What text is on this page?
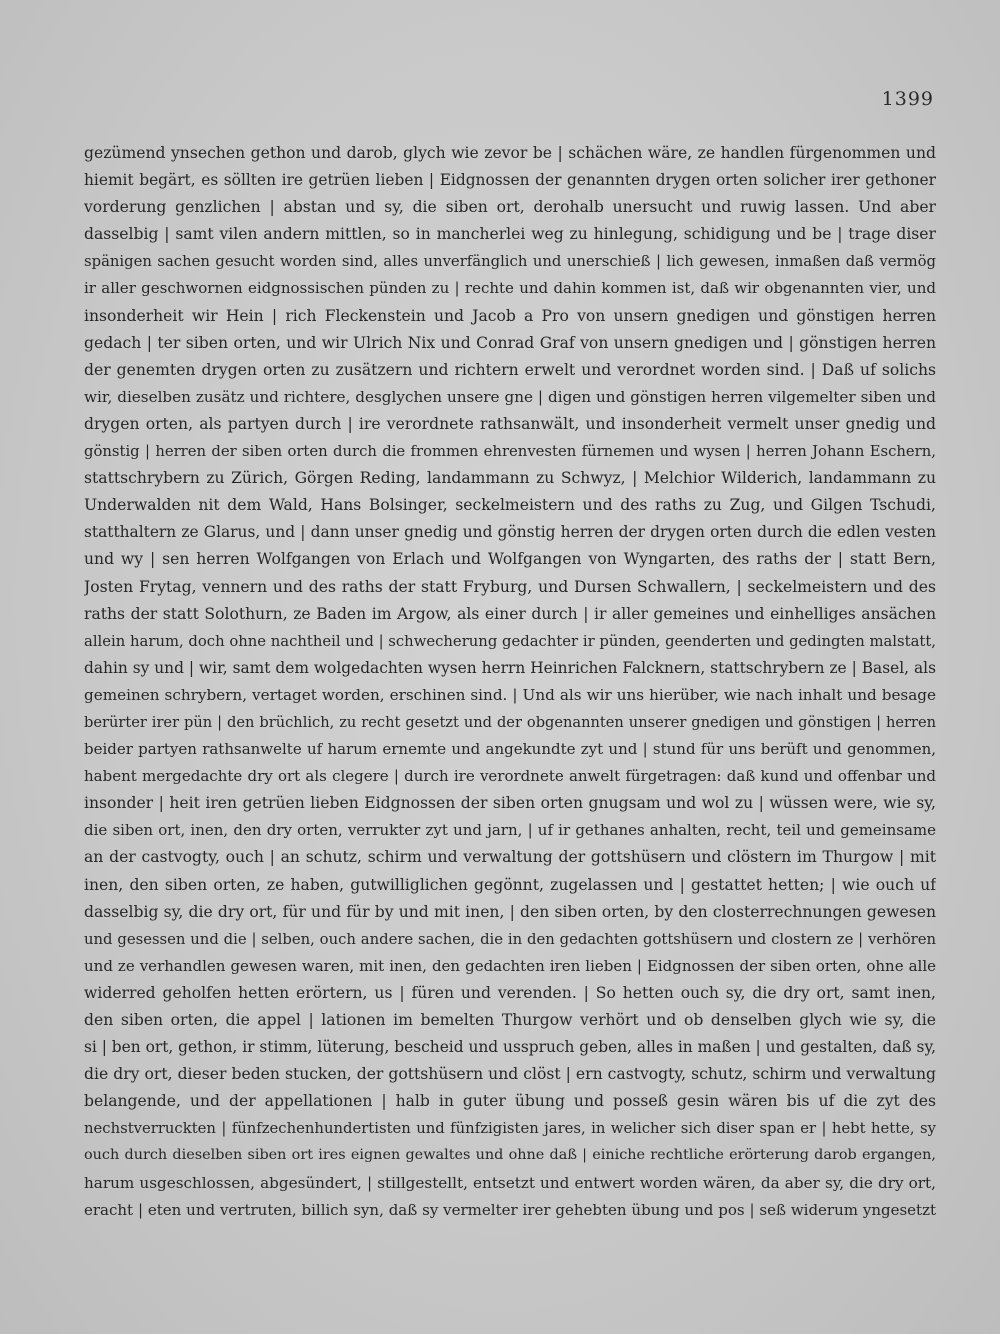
1399
gezümend ynsechen gethon und darob, glych wie zevor be | schächen wäre, ze handlen fürgenommen und
hiemit begärt, es söllten ire getrüen lieben | Eidgnossen der genannten drygen orten solicher irer gethoner
vorderung genzlichen | abstan und sy, die siben ort, derohalb unersucht und ruwig lassen. Und aber
dasselbig | samt vilen andern mittlen, so in mancherlei weg zu hinlegung, schidigung und be | trage diser
spänigen sachen gesucht worden sind, alles unverfänglich und unerschieß | lich gewesen, inmaßen daß vermög
ir aller geschwornen eidgnossischen pünden zu | rechte und dahin kommen ist, daß wir obgenannten vier, und
insonderheit wir Hein | rich Fleckenstein und Jacob a Pro von unsern gnedigen und gönstigen herren
gedach | ter siben orten, und wir Ulrich Nix und Conrad Graf von unsern gnedigen und | gönstigen herren
der genemten drygen orten zu zusätzern und richtern erwelt und verordnet worden sind. | Daß uf solichs
wir, dieselben zusätz und richtere, desglychen unsere gne | digen und gönstigen herren vilgemelter siben und
drygen orten, als partyen durch | ire verordnete rathsanwält, und insonderheit vermelt unser gnedig und
gönstig | herren der siben orten durch die frommen ehrenvesten fürnemen und wysen | herren Johann Eschern,
stattschrybern zu Zürich, Görgen Reding, landammann zu Schwyz, | Melchior Wilderich, landammann zu
Underwalden nit dem Wald, Hans Bolsinger, seckelmeistern und des raths zu Zug, und Gilgen Tschudi,
statthaltern ze Glarus, und | dann unser gnedig und gönstig herren der drygen orten durch die edlen vesten
und wy | sen herren Wolfgangen von Erlach und Wolfgangen von Wyngarten, des raths der | statt Bern,
Josten Frytag, vennern und des raths der statt Fryburg, und Dursen Schwallern, | seckelmeistern und des
raths der statt Solothurn, ze Baden im Argow, als einer durch | ir aller gemeines und einhelliges ansächen
allein harum, doch ohne nachtheil und | schwecherung gedachter ir pünden, geenderten und gedingten malstatt,
dahin sy und | wir, samt dem wolgedachten wysen herrn Heinrichen Falcknern, stattschrybern ze | Basel, als
gemeinen schrybern, vertaget worden, erschinen sind. | Und als wir uns hierüber, wie nach inhalt und besage
berürter irer pün | den brüchlich, zu recht gesetzt und der obgenannten unserer gnedigen und gönstigen | herren
beider partyen rathsanwelte uf harum ernemte und angekundte zyt und | stund für uns berüft und genommen,
habent mergedachte dry ort als clegere | durch ire verordnete anwelt fürgetragen: daß kund und offenbar und
insonder | heit iren getrüen lieben Eidgnossen der siben orten gnugsam und wol zu | wüssen were, wie sy,
die siben ort, inen, den dry orten, verrukter zyt und jarn, | uf ir gethanes anhalten, recht, teil und gemeinsame
an der castvogty, ouch | an schutz, schirm und verwaltung der gottshüsern und clöstern im Thurgow | mit
inen, den siben orten, ze haben, gutwilliglichen gegönnt, zugelassen und | gestattet hetten; | wie ouch uf
dasselbig sy, die dry ort, für und für by und mit inen, | den siben orten, by den closterrechnungen gewesen
und gesessen und die | selben, ouch andere sachen, die in den gedachten gottshüsern und clostern ze | verhören
und ze verhandlen gewesen waren, mit inen, den gedachten iren lieben | Eidgnossen der siben orten, ohne alle
widerred geholfen hetten erörtern, us | füren und verenden. | So hetten ouch sy, die dry ort, samt inen,
den siben orten, die appel | lationen im bemelten Thurgow verhört und ob denselben glych wie sy, die
si | ben ort, gethon, ir stimm, lüterung, bescheid und usspruch geben, alles in maßen | und gestalten, daß sy,
die dry ort, dieser beden stucken, der gottshüsern und clöst | ern castvogty, schutz, schirm und verwaltung
belangende, und der appellationen | halb in guter übung und posseß gesin wären bis uf die zyt des
nechstverruckten | fünfzechenhundertisten und fünfzigisten jares, in welicher sich diser span er | hebt hette, sy
ouch durch dieselben siben ort ires eignen gewaltes und ohne daß | einiche rechtliche erörterung darob ergangen,
harum usgeschlossen, abgesündert, | stillgestellt, entsetzt und entwert worden wären, da aber sy, die dry ort,
eracht | eten und vertruten, billich syn, daß sy vermelter irer gehebten übung und pos | seß widerum yngesetzt
